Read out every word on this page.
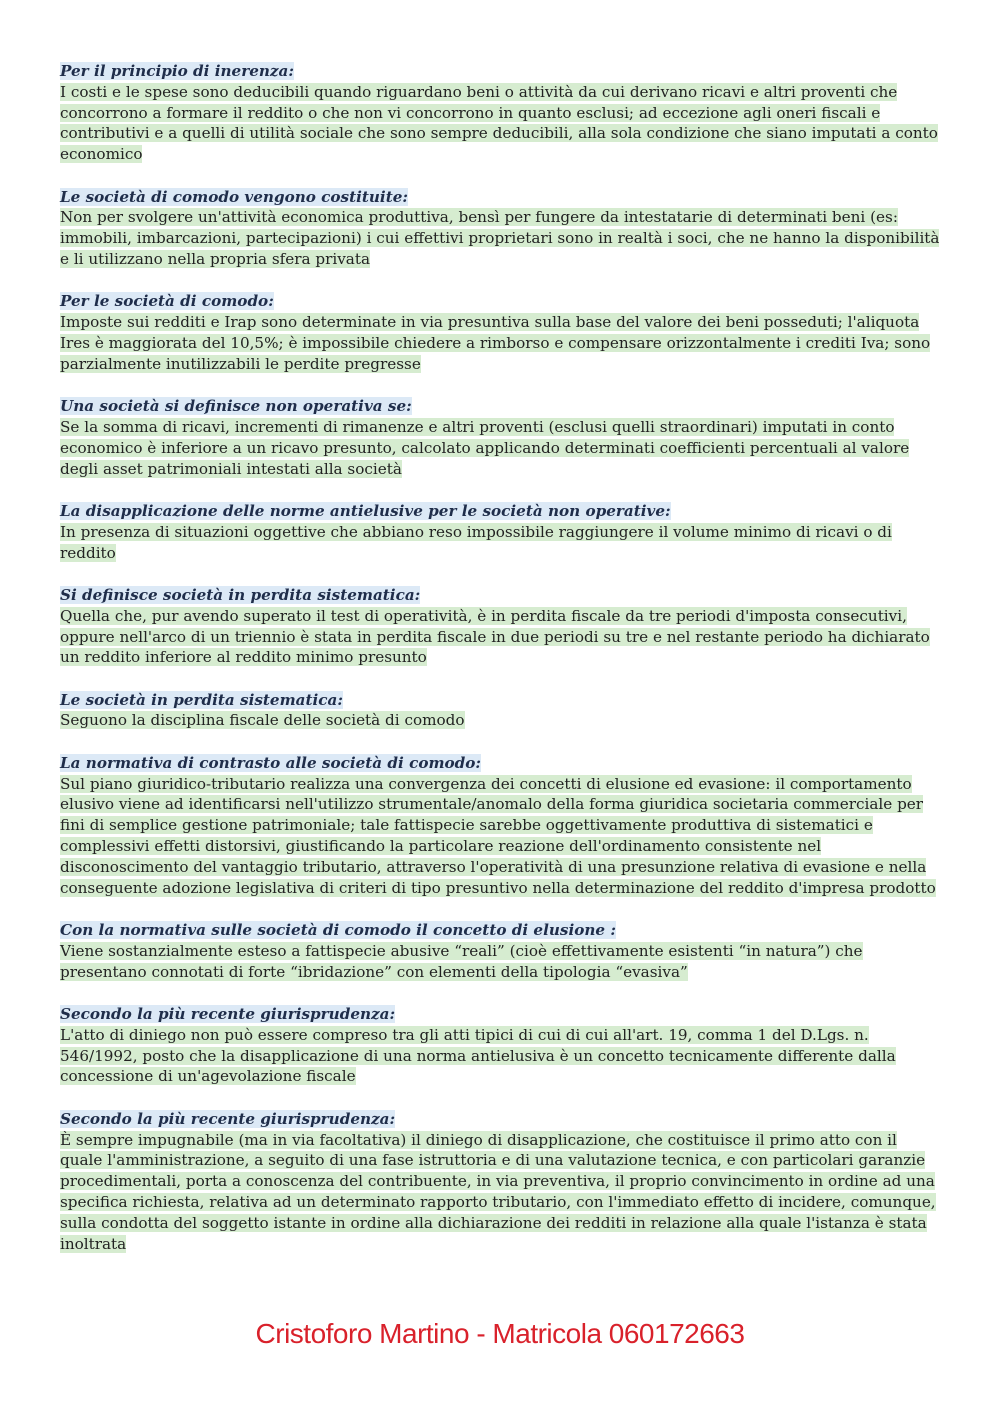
Per il principio di inerenza:
I costi e le spese sono deducibili quando riguardano beni o attività da cui derivano ricavi e altri proventi che concorrono a formare il reddito o che non vi concorrono in quanto esclusi; ad eccezione agli oneri fiscali e contributivi e a quelli di utilità sociale che sono sempre deducibili, alla sola condizione che siano imputati a conto economico
Le società di comodo vengono costituite:
Non per svolgere un'attività economica produttiva, bensì per fungere da intestatarie di determinati beni (es: immobili, imbarcazioni, partecipazioni) i cui effettivi proprietari sono in realtà i soci, che ne hanno la disponibilità e li utilizzano nella propria sfera privata
Per le società di comodo:
Imposte sui redditi e Irap sono determinate in via presuntiva sulla base del valore dei beni posseduti; l'aliquota Ires è maggiorata del 10,5%; è impossibile chiedere a rimborso e compensare orizzontalmente i crediti Iva; sono parzialmente inutilizzabili le perdite pregresse
Una società si definisce non operativa se:
Se la somma di ricavi, incrementi di rimanenze e altri proventi (esclusi quelli straordinari) imputati in conto economico è inferiore a un ricavo presunto, calcolato applicando determinati coefficienti percentuali al valore degli asset patrimoniali intestati alla società
La disapplicazione delle norme antielusive per le società non operative:
In presenza di situazioni oggettive che abbiano reso impossibile raggiungere il volume minimo di ricavi o di reddito
Si definisce società in perdita sistematica:
Quella che, pur avendo superato il test di operatività, è in perdita fiscale da tre periodi d'imposta consecutivi, oppure nell'arco di un triennio è stata in perdita fiscale in due periodi su tre e nel restante periodo ha dichiarato un reddito inferiore al reddito minimo presunto
Le società in perdita sistematica:
Seguono la disciplina fiscale delle società di comodo
La normativa di contrasto alle società di comodo:
Sul piano giuridico-tributario realizza una convergenza dei concetti di elusione ed evasione: il comportamento elusivo viene ad identificarsi nell'utilizzo strumentale/anomalo della forma giuridica societaria commerciale per fini di semplice gestione patrimoniale; tale fattispecie sarebbe oggettivamente produttiva di sistematici e complessivi effetti distorsivi, giustificando la particolare reazione dell'ordinamento consistente nel disconoscimento del vantaggio tributario, attraverso l'operatività di una presunzione relativa di evasione e nella conseguente adozione legislativa di criteri di tipo presuntivo nella determinazione del reddito d'impresa prodotto
Con la normativa sulle società di comodo il concetto di elusione :
Viene sostanzialmente esteso a fattispecie abusive “reali” (cioè effettivamente esistenti “in natura”) che presentano connotati di forte “ibridazione” con elementi della tipologia “evasiva”
Secondo la più recente giurisprudenza:
L'atto di diniego non può essere compreso tra gli atti tipici di cui di cui all'art. 19, comma 1 del D.Lgs. n. 546/1992, posto che la disapplicazione di una norma antielusiva è un concetto tecnicamente differente dalla concessione di un'agevolazione fiscale
Secondo la più recente giurisprudenza:
È sempre impugnabile (ma in via facoltativa) il diniego di disapplicazione, che costituisce il primo atto con il quale l'amministrazione, a seguito di una fase istruttoria e di una valutazione tecnica, e con particolari garanzie procedimentali, porta a conoscenza del contribuente, in via preventiva, il proprio convincimento in ordine ad una specifica richiesta, relativa ad un determinato rapporto tributario, con l'immediato effetto di incidere, comunque, sulla condotta del soggetto istante in ordine alla dichiarazione dei redditi in relazione alla quale l'istanza è stata inoltrata
Cristoforo Martino - Matricola 060172663
